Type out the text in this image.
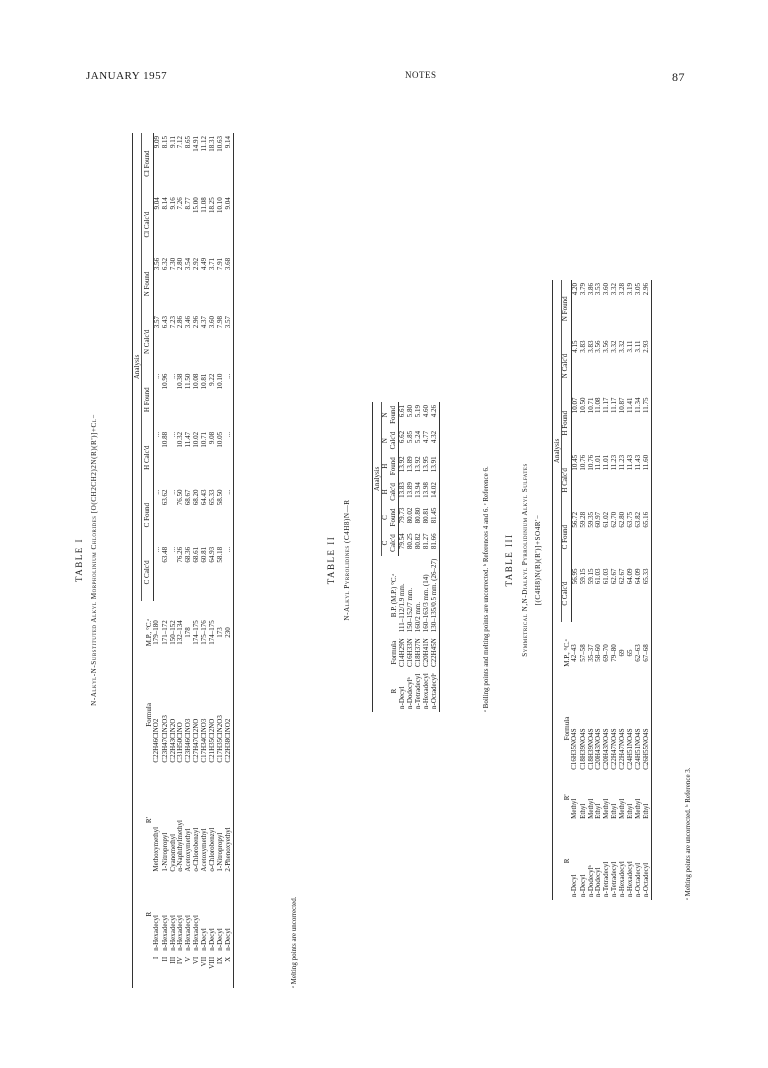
JANUARY 1957	NOTES	87
TABLE I N-Alkyl-N-Substituted Alkyl Morpholinium Chlorides [O(CH2CH2)2N(R)(R')]+Cl−
	R	R'	Formula	M.P., °C.ᵃ	Analysis							

					C Calc'd	C Found	H Calc'd	H Found	N Calc'd	N Found	Cl Calc'd	Cl Found
I	n-Hexadecyl	Methoxymethyl	C22H46ClNO2	179–180	...	...	...	...	3.57	3.56	9.04	9.09
II	n-Hexadecyl	1-Nitropropyl	C23H47ClN2O3	171–172	63.48	63.62	10.88	10.96	6.43	6.32	8.14	8.15
III	n-Hexadecyl	Cyanomethyl	C22H43ClN2O	150–152	...	...	...	...	7.23	7.30	9.16	9.11
IV	n-Hexadecyl	α-Naphthylmethyl	C31H50ClNO	132–134	76.26	76.50	10.32	10.38	2.86	2.80	7.26	7.12
V	n-Hexadecyl	Acetoxymethyl	C23H46ClNO3	178	68.36	68.67	11.47	11.50	3.46	3.54	8.77	8.65
VI	n-Hexadecyl	o-Chlorobenzyl	C27H47Cl2NO	174–175	68.61	68.20	10.02	10.08	2.96	2.92	15.00	14.91
VII	n-Decyl	Acetoxymethyl	C17H34ClNO3	175–176	60.81	64.43	10.71	10.81	4.37	4.49	11.08	11.12
VIII	n-Decyl	o-Chlorobenzyl	C21H35Cl2NO	174–175	64.93	65.33	9.08	9.22	3.60	3.71	18.25	18.31
IX	n-Decyl	1-Nitropropyl	C17H35ClN2O3	173	58.18	58.50	10.05	10.10	7.98	7.91	10.10	10.63
X	n-Decyl	2-Phenoxyethyl	C22H38ClNO2	230	...	...	...	...	3.57	3.68	9.04	9.14
ᵃ Melting points are uncorrected.
TABLE II N-Alkyl Pyrrolidines (C4H8)N—R
R	Formula	B.P. (M.P.) °C.ᵃ	Analysis					
			C Calc'd	C Found	H Calc'd	H Found	N Calc'd	N Found
n-Decyl	C14H29N	111–112/1.9 mm.	79.54	79.73	13.83	13.92	6.62	6.61
n-Dodecylᵇ	C16H33N	150–152/7 mm.	80.25	80.02	13.89	13.89	5.85	5.80
n-Tetradecyl	C18H37N	160/2 mm.	80.82	80.80	13.94	13.92	5.24	5.19
n-Hexadecyl	C20H41N	160–163/3 mm. (14)	81.27	80.81	13.98	13.95	4.77	4.60
n-Octadecylᶜ	C22H45N	130–135/0.5 mm. (26–27)	81.66	81.45	14.02	13.91	4.32	4.26
ᵃ Boiling points and melting points are uncorrected. ᵇ References 4 and 6. ᶜ Reference 6. TABLE III Symmetrical N,N-Dialkyl Pyrrolidinium Alkyl Sulfates [(C4H8)N(R)(R')]+SO4R'−
R	R'	Formula	M.P., °C.ᵃ	Analysis					
				C Calc'd	C Found	H Calc'd	H Found	N Calc'd	N Found
n-Decyl	Methyl	C16H35NO4S	42–43	56.95	56.72	10.45	10.07	4.15	4.20
n-Decyl	Ethyl	C18H39NO4S	57–58	59.15	59.28	10.76	10.50	3.83	3.79
n-Dodecylᵇ	Methyl	C18H39NO4S	35–37	59.15	59.35	10.76	10.71	3.83	3.86
n-Dodecyl	Ethyl	C20H43NO4S	58–60	61.03	60.97	11.01	11.08	3.56	3.53
n-Tetradecyl	Methyl	C20H43NO4S	69–70	61.03	61.02	11.01	11.17	3.56	3.60
n-Tetradecyl	Ethyl	C22H47NO4S	79–80	62.67	62.70	11.23	11.17	3.32	3.32
n-Hexadecyl	Methyl	C22H47NO4S	69	62.67	62.80	11.23	10.87	3.32	3.28
n-Hexadecyl	Ethyl	C24H51NO4S	65	64.09	63.75	11.43	11.41	3.11	3.19
n-Octadecyl	Methyl	C24H51NO4S	62–63	64.09	63.82	11.43	11.34	3.11	3.05
n-Octadecyl	Ethyl	C26H55NO4S	67–68	65.33	65.16	11.60	11.75	2.93	2.96
ᵃ Melting points are uncorrected. ᵇ Reference 3.
